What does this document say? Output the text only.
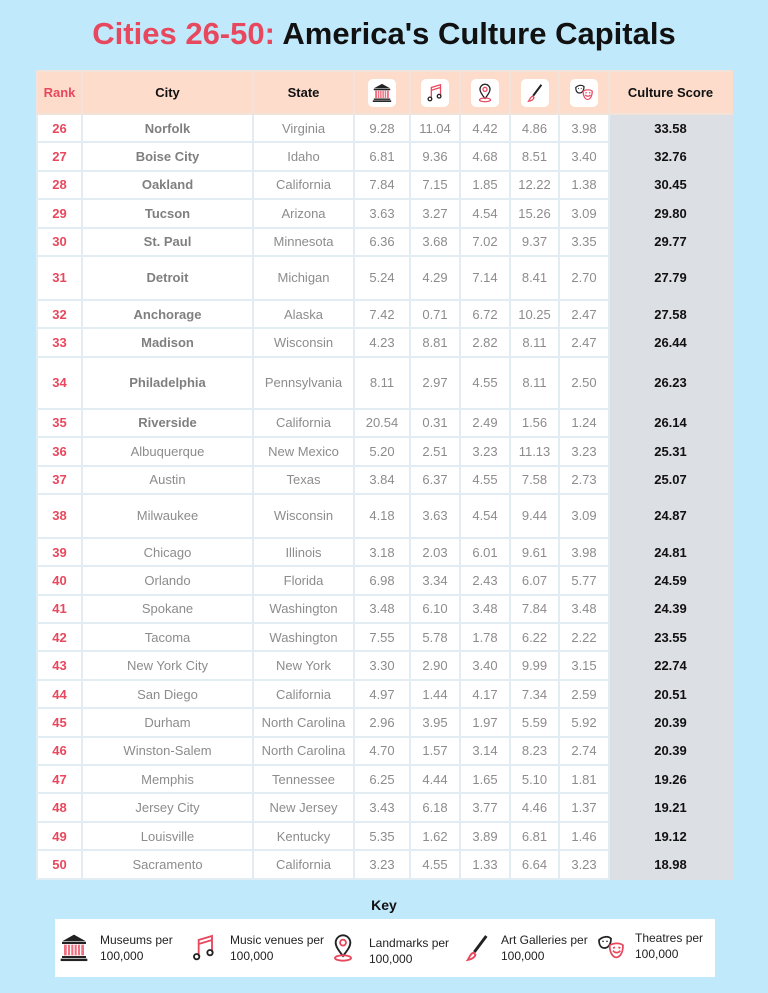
Cities 26-50: America's Culture Capitals
Rank	City	State						Culture Score
26	Norfolk	Virginia	9.28	11.04	4.42	4.86	3.98	33.58
27	Boise City	Idaho	6.81	9.36	4.68	8.51	3.40	32.76
28	Oakland	California	7.84	7.15	1.85	12.22	1.38	30.45
29	Tucson	Arizona	3.63	3.27	4.54	15.26	3.09	29.80
30	St. Paul	Minnesota	6.36	3.68	7.02	9.37	3.35	29.77
31	Detroit	Michigan	5.24	4.29	7.14	8.41	2.70	27.79
32	Anchorage	Alaska	7.42	0.71	6.72	10.25	2.47	27.58
33	Madison	Wisconsin	4.23	8.81	2.82	8.11	2.47	26.44
34	Philadelphia	Pennsylvania	8.11	2.97	4.55	8.11	2.50	26.23
35	Riverside	California	20.54	0.31	2.49	1.56	1.24	26.14
36	Albuquerque	New Mexico	5.20	2.51	3.23	11.13	3.23	25.31
37	Austin	Texas	3.84	6.37	4.55	7.58	2.73	25.07
38	Milwaukee	Wisconsin	4.18	3.63	4.54	9.44	3.09	24.87
39	Chicago	Illinois	3.18	2.03	6.01	9.61	3.98	24.81
40	Orlando	Florida	6.98	3.34	2.43	6.07	5.77	24.59
41	Spokane	Washington	3.48	6.10	3.48	7.84	3.48	24.39
42	Tacoma	Washington	7.55	5.78	1.78	6.22	2.22	23.55
43	New York City	New York	3.30	2.90	3.40	9.99	3.15	22.74
44	San Diego	California	4.97	1.44	4.17	7.34	2.59	20.51
45	Durham	North Carolina	2.96	3.95	1.97	5.59	5.92	20.39
46	Winston-Salem	North Carolina	4.70	1.57	3.14	8.23	2.74	20.39
47	Memphis	Tennessee	6.25	4.44	1.65	5.10	1.81	19.26
48	Jersey City	New Jersey	3.43	6.18	3.77	4.46	1.37	19.21
49	Louisville	Kentucky	5.35	1.62	3.89	6.81	1.46	19.12
50	Sacramento	California	3.23	4.55	1.33	6.64	3.23	18.98
Key
Museums per
100,000
Music venues per
100,000
Landmarks per
100,000
Art Galleries per
100,000
Theatres per
100,000
